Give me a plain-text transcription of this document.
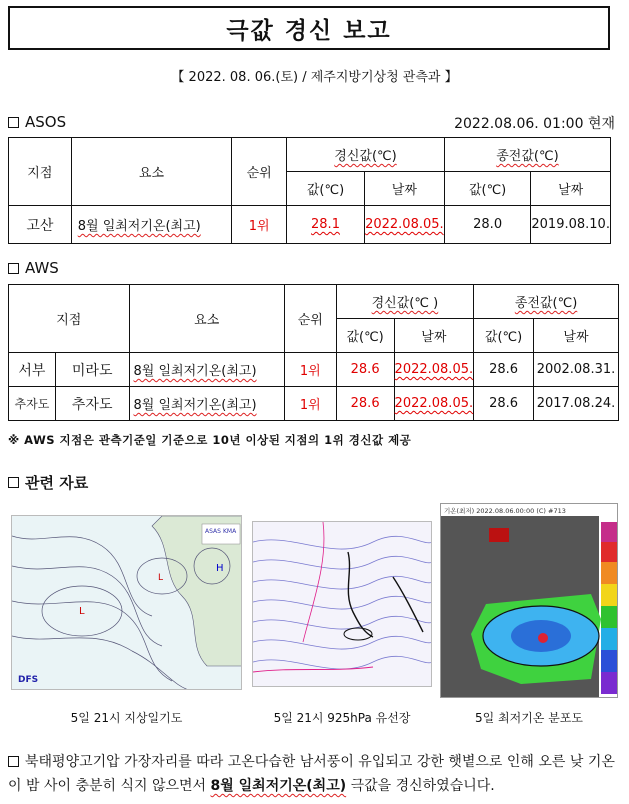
극값 경신 보고
【 2022. 08. 06.(토) / 제주지방기상청 관측과 】
ASOS	2022.08.06. 01:00 현재
지점	요소	순위	경신값(℃)		종전값(℃)	
			값(℃)	날짜	값(℃)	날짜
고산	8월 일최저기온(최고)	1위	28.1	2022.08.05.	28.0	2019.08.10.
AWS
지점		요소	순위	경신값(℃ )		종전값(℃)	
				값(℃)	날짜	값(℃)	날짜
서부	미라도	8월 일최저기온(최고)	1위	28.6	2022.08.05.	28.6	2002.08.31.
추자도	추자도	8월 일최저기온(최고)	1위	28.6	2022.08.05.	28.6	2017.08.24.
※ AWS 지점은 관측기준일 기준으로 10년 이상된 지점의 1위 경신값 제공
관련 자료
ASAS KMA
L
H
L
DFS
기온(최저) 2022.08.06.00:00 (C) #713
5일 21시 지상일기도	5일 21시 925hPa 유선장	5일 최저기온 분포도
북태평양고기압 가장자리를 따라 고온다습한 남서풍이 유입되고 강한 햇볕으로 인해 오른 낮 기온이 밤 사이 충분히 식지 않으면서 8월 일최저기온(최고) 극값을 경신하였습니다.
